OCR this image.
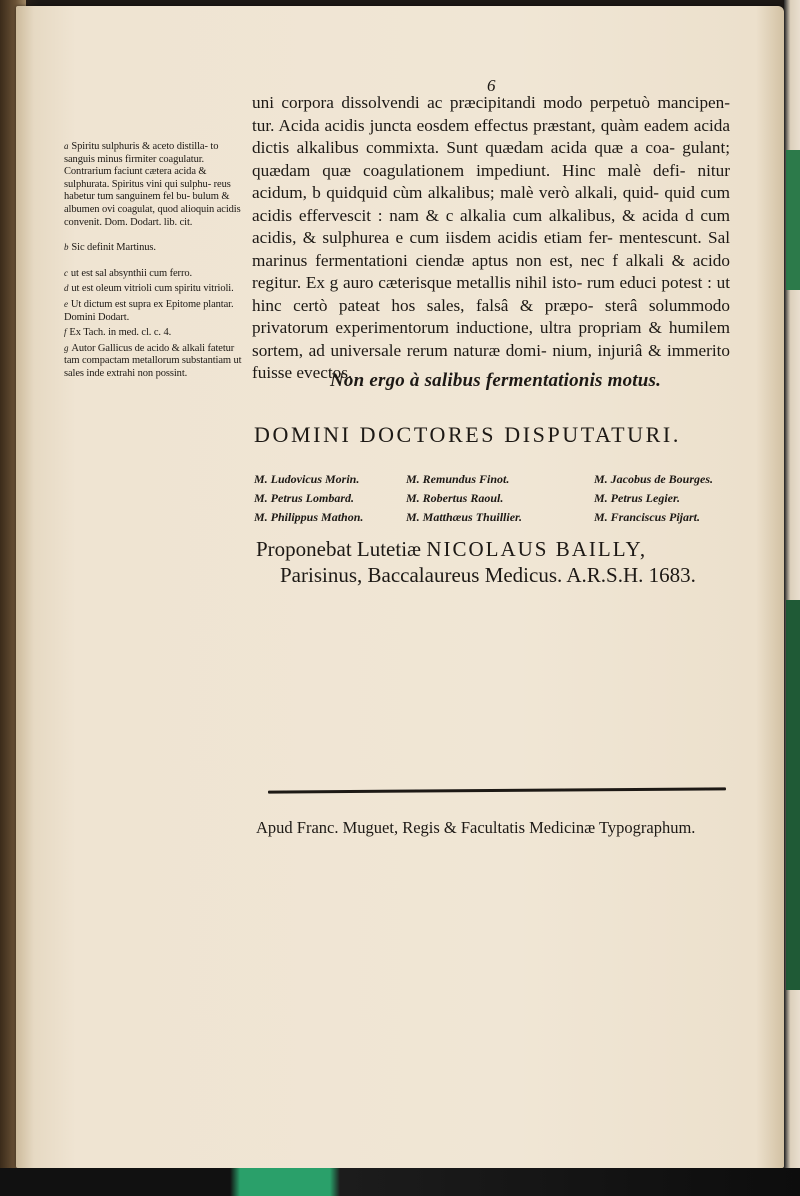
6
a Spiritu sulphuris & aceto distilla- to sanguis minus firmiter coagulatur. Contrarium faciunt cætera acida & sulphurata. Spiritus vini qui sulphu- reus habetur tum sanguinem fel bu- bulum & albumen ovi coagulat, quod alioquin acidis convenit. Dom. Dodart. lib. cit.
b Sic definit Martinus.
c ut est sal absynthii cum ferro.
d ut est oleum vitrioli cum spiritu vitrioli.
e Ut dictum est supra ex Epitome plantar. Domini Dodart.
f Ex Tach. in med. cl. c. 4.
g Autor Gallicus de acido & alkali fatetur tam compactam metallorum substantiam ut sales inde extrahi non possint.

uni corpora dissolvendi ac præcipitandi modo perpetuò mancipen- tur. Acida acidis juncta eosdem effectus præstant, quàm eadem acida dictis alkalibus commixta. Sunt quædam acida quæ a coa- gulant; quædam quæ coagulationem impediunt. Hinc malè defi- nitur acidum, b quidquid cùm alkalibus; malè verò alkali, quid- quid cum acidis effervescit : nam & c alkalia cum alkalibus, & acida d cum acidis, & sulphurea e cum iisdem acidis etiam fer- mentescunt. Sal marinus fermentationi ciendæ aptus non est, nec f alkali & acido regitur. Ex g auro cæterisque metallis nihil isto- rum educi potest : ut hinc certò pateat hos sales, falsâ & præpo- sterâ solummodo privatorum experimentorum inductione, ultra propriam & humilem sortem, ad universale rerum naturæ domi- nium, injuriâ & immerito fuisse evectos.

Non ergo à salibus fermentationis motus.
DOMINI DOCTORES DISPUTATURI.
M. Ludovicus Morin.
M. Petrus Lombard.
M. Philippus Mathon.
M. Remundus Finot.
M. Robertus Raoul.
M. Matthæus Thuillier.
M. Jacobus de Bourges.
M. Petrus Legier.
M. Franciscus Pijart.
Proponebat Lutetiæ NICOLAUS BAILLY,
Parisinus, Baccalaureus Medicus. A.R.S.H. 1683.
Apud Franc. Muguet, Regis & Facultatis Medicinæ Typographum.
